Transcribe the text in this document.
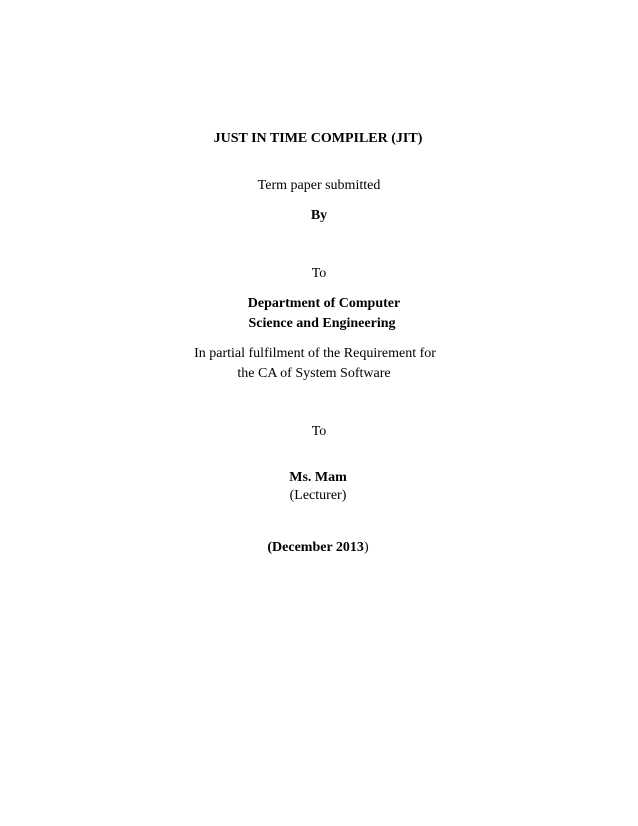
JUST IN TIME COMPILER (JIT)
Term paper submitted
By
To
Department of Computer
Science and Engineering
In partial fulfilment of the Requirement for
the CA of System Software
To
Ms. Mam
(Lecturer)
(December 2013)
